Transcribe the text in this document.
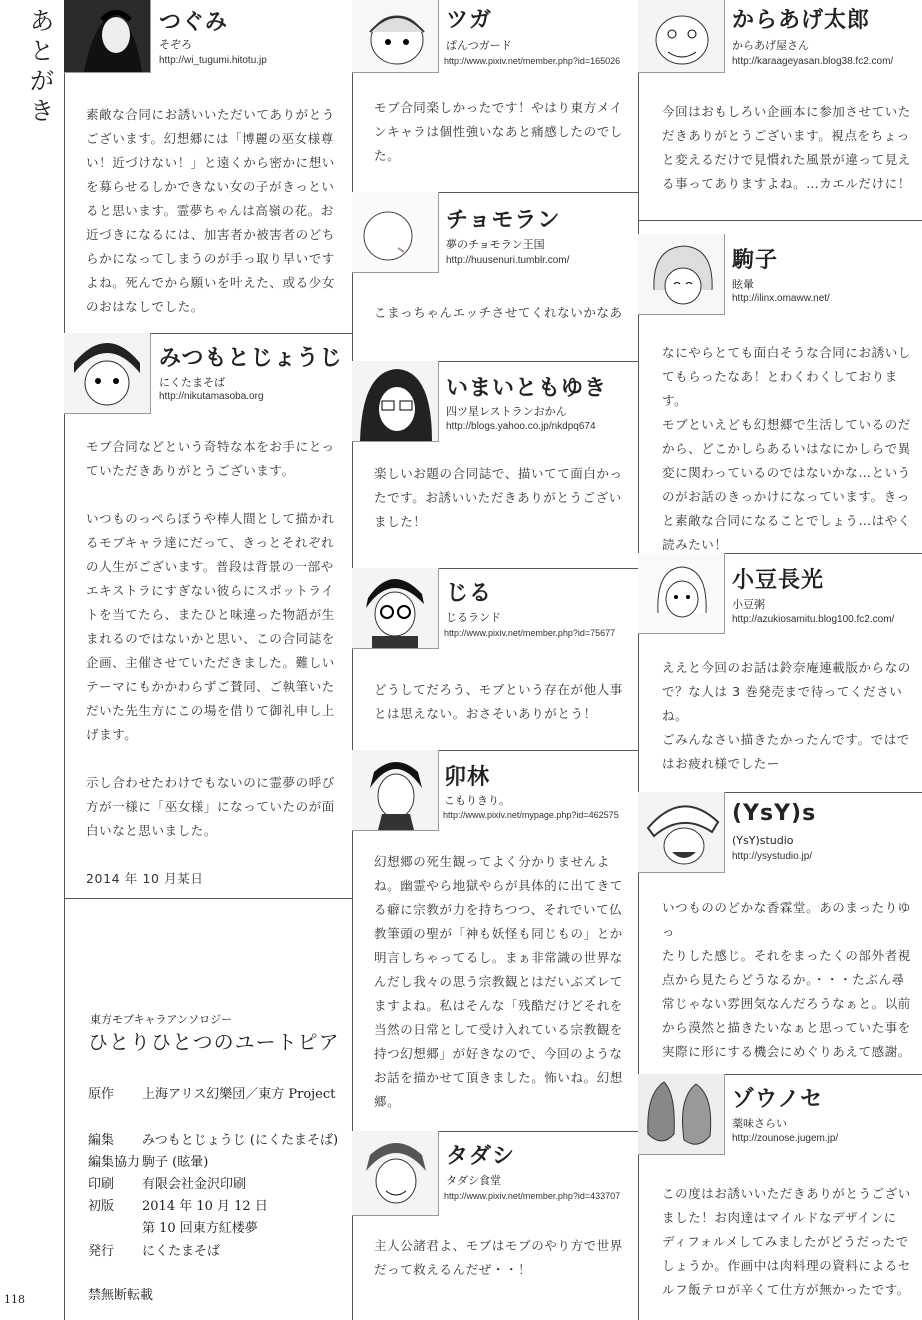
あ
と
が
き
118
つぐみ
そぞろ
http://wi_tugumi.hitotu.jp
素敵な合同にお誘いいただいてありがとう
ございます。幻想郷には「博麗の巫女様尊
い！近づけない！」と遠くから密かに想い
を募らせるしかできない女の子がきっとい
ると思います。霊夢ちゃんは高嶺の花。お
近づきになるには、加害者か被害者のどち
らかになってしまうのが手っ取り早いです
よね。死んでから願いを叶えた、或る少女
のおはなしでした。
みつもとじょうじ
にくたまそば
http://nikutamasoba.org
モブ合同などという奇特な本をお手にとっ
ていただきありがとうございます。

いつものっぺらぼうや棒人間として描かれ
るモブキャラ達にだって、きっとそれぞれ
の人生がございます。普段は背景の一部や
エキストラにすぎない彼らにスポットライ
トを当てたら、またひと味違った物語が生
まれるのではないかと思い、この合同誌を
企画、主催させていただきました。難しい
テーマにもかかわらずご賛同、ご執筆いた
だいた先生方にこの場を借りて御礼申し上
げます。

示し合わせたわけでもないのに霊夢の呼び
方が一様に「巫女様」になっていたのが面
白いなと思いました。

2014 年 10 月某日
東方モブキャラアンソロジー
ひとりひとつのユートピア
原作 上海アリス幻樂団／東方 Project
編集 みつもとじょうじ (にくたまそば)
編集協力 駒子 (眩暈)
印刷 有限会社金沢印刷
初版 2014 年 10 月 12 日
第 10 回東方紅楼夢
発行 にくたまそば
禁無断転載
ツガ
ぱんつガード
http://www.pixiv.net/member.php?id=165026
モブ合同楽しかったです！やはり東方メイ
ンキャラは個性強いなあと痛感したのでし
た。
チョモラン
夢のチョモラン王国
http://huusenuri.tumblr.com/
こまっちゃんエッチさせてくれないかなあ
いまいともゆき
四ツ星レストランおかん
http://blogs.yahoo.co.jp/nkdpq674
楽しいお題の合同誌で、描いてて面白かっ
たです。お誘いいただきありがとうござい
ました！
じる
じるランド
http://www.pixiv.net/member.php?id=75677
どうしてだろう、モブという存在が他人事
とは思えない。おさそいありがとう！
卯林
こもりきり。
http://www.pixiv.net/mypage.php?id=462575
幻想郷の死生観ってよく分かりませんよ
ね。幽霊やら地獄やらが具体的に出てきて
る癖に宗教が力を持ちつつ、それでいて仏
教筆頭の聖が「神も妖怪も同じもの」とか
明言しちゃってるし。まぁ非常識の世界な
んだし我々の思う宗教観とはだいぶズレて
ますよね。私はそんな「残酷だけどそれを
当然の日常として受け入れている宗教観を
持つ幻想郷」が好きなので、今回のような
お話を描かせて頂きました。怖いね。幻想
郷。
タダシ
タダシ食堂
http://www.pixiv.net/member.php?id=433707
主人公諸君よ、モブはモブのやり方で世界
だって救えるんだぜ・・！
からあげ太郎
からあげ屋さん
http://karaageyasan.blog38.fc2.com/
今回はおもしろい企画本に参加させていた
だきありがとうございます。視点をちょっ
と変えるだけで見慣れた風景が違って見え
る事ってありますよね。…カエルだけに！
駒子
眩暈
http://ilinx.omaww.net/
なにやらとても面白そうな合同にお誘いし
てもらったなあ！とわくわくしております。
モブといえども幻想郷で生活しているのだ
から、どこかしらあるいはなにかしらで異
変に関わっているのではないかな…という
のがお話のきっかけになっています。きっ
と素敵な合同になることでしょう…はやく
読みたい！
小豆長光
小豆粥
http://azukiosamitu.blog100.fc2.com/
ええと今回のお話は鈴奈庵連載版からなの
で？な人は 3 巻発売まで待ってくださいね。
ごみんなさい描きたかったんです。ではで
はお疲れ様でしたー
(YsY)s
(YsY)studio
http://ysystudio.jp/
いつもののどかな香霖堂。あのまったりゆっ
たりした感じ。それをまったくの部外者視
点から見たらどうなるか。・・・たぶん尋
常じゃない雰囲気なんだろうなぁと。以前
から漠然と描きたいなぁと思っていた事を
実際に形にする機会にめぐりあえて感謝。
ゾウノセ
薬味さらい
http://zounose.jugem.jp/
この度はお誘いいただきありがとうござい
ました！お肉達はマイルドなデザインに
ディフォルメしてみましたがどうだったで
しょうか。作画中は肉料理の資料によるセ
ルフ飯テロが辛くて仕方が無かったです。
